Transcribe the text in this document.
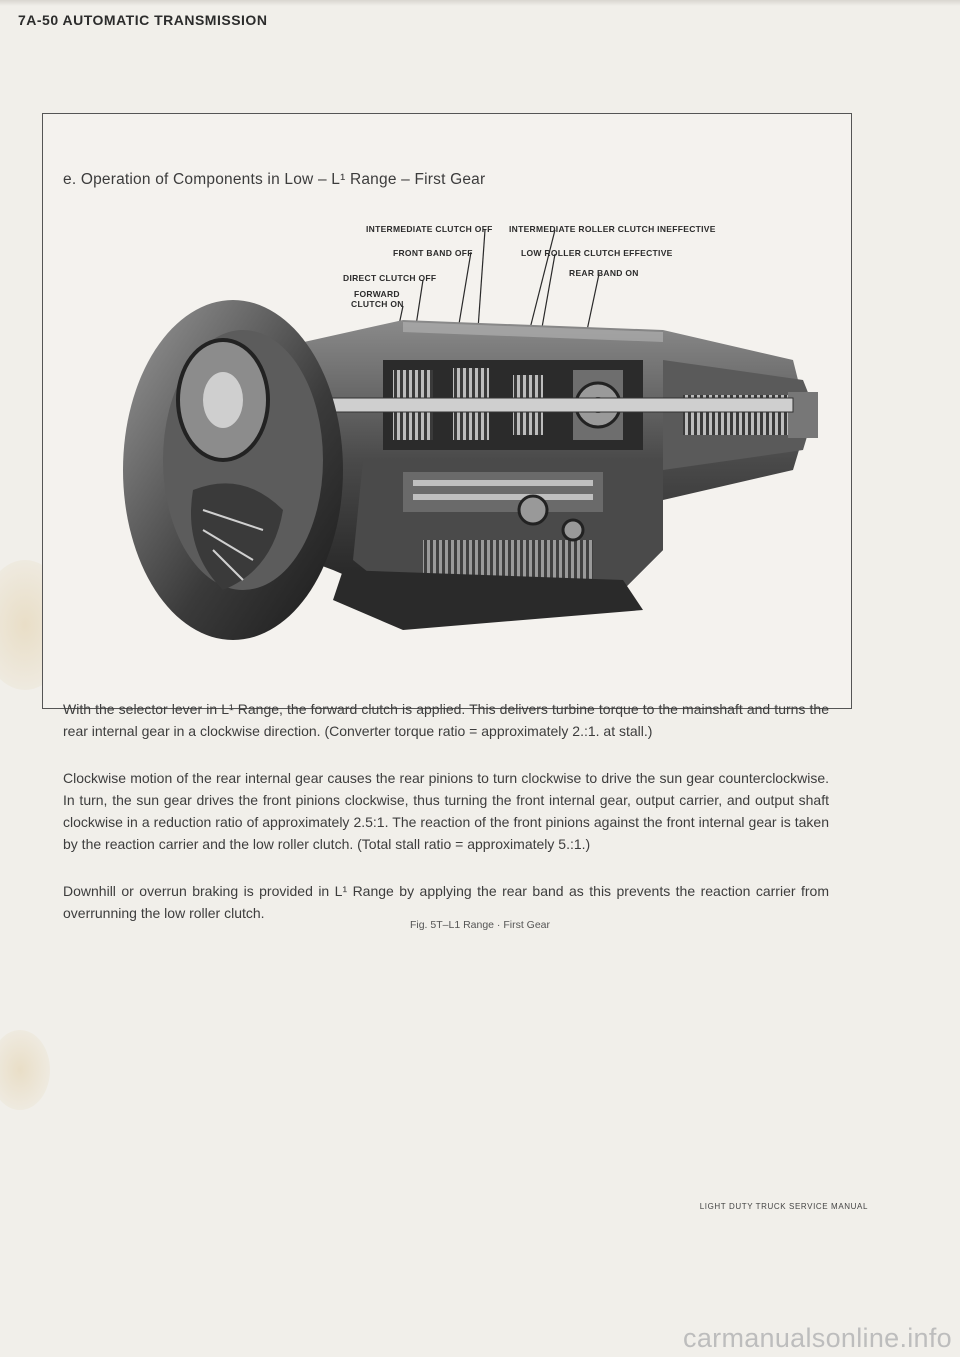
7A-50 AUTOMATIC TRANSMISSION
e. Operation of Components in Low – L¹ Range – First Gear
INTERMEDIATE CLUTCH OFF INTERMEDIATE ROLLER CLUTCH INEFFECTIVE
FRONT BAND OFF	LOW ROLLER CLUTCH EFFECTIVE
DIRECT CLUTCH OFF	REAR BAND ON
FORWARD
CLUTCH ON

With the selector lever in L¹ Range, the forward clutch is applied. This delivers turbine torque to the mainshaft and turns the rear internal gear in a clockwise direction. (Converter torque ratio = approximately 2.:1. at stall.)

Clockwise motion of the rear internal gear causes the rear pinions to turn clockwise to drive the sun gear counterclockwise. In turn, the sun gear drives the front pinions clockwise, thus turning the front internal gear, output carrier, and output shaft clockwise in a reduction ratio of approximately 2.5:1. The reaction of the front pinions against the front internal gear is taken by the reaction carrier and the low roller clutch. (Total stall ratio = approximately 5.:1.)

Downhill or overrun braking is provided in L¹ Range by applying the rear band as this prevents the reaction carrier from overrunning the low roller clutch.

Fig. 5T–L1 Range · First Gear
LIGHT DUTY TRUCK SERVICE MANUAL
carmanualsonline.info
